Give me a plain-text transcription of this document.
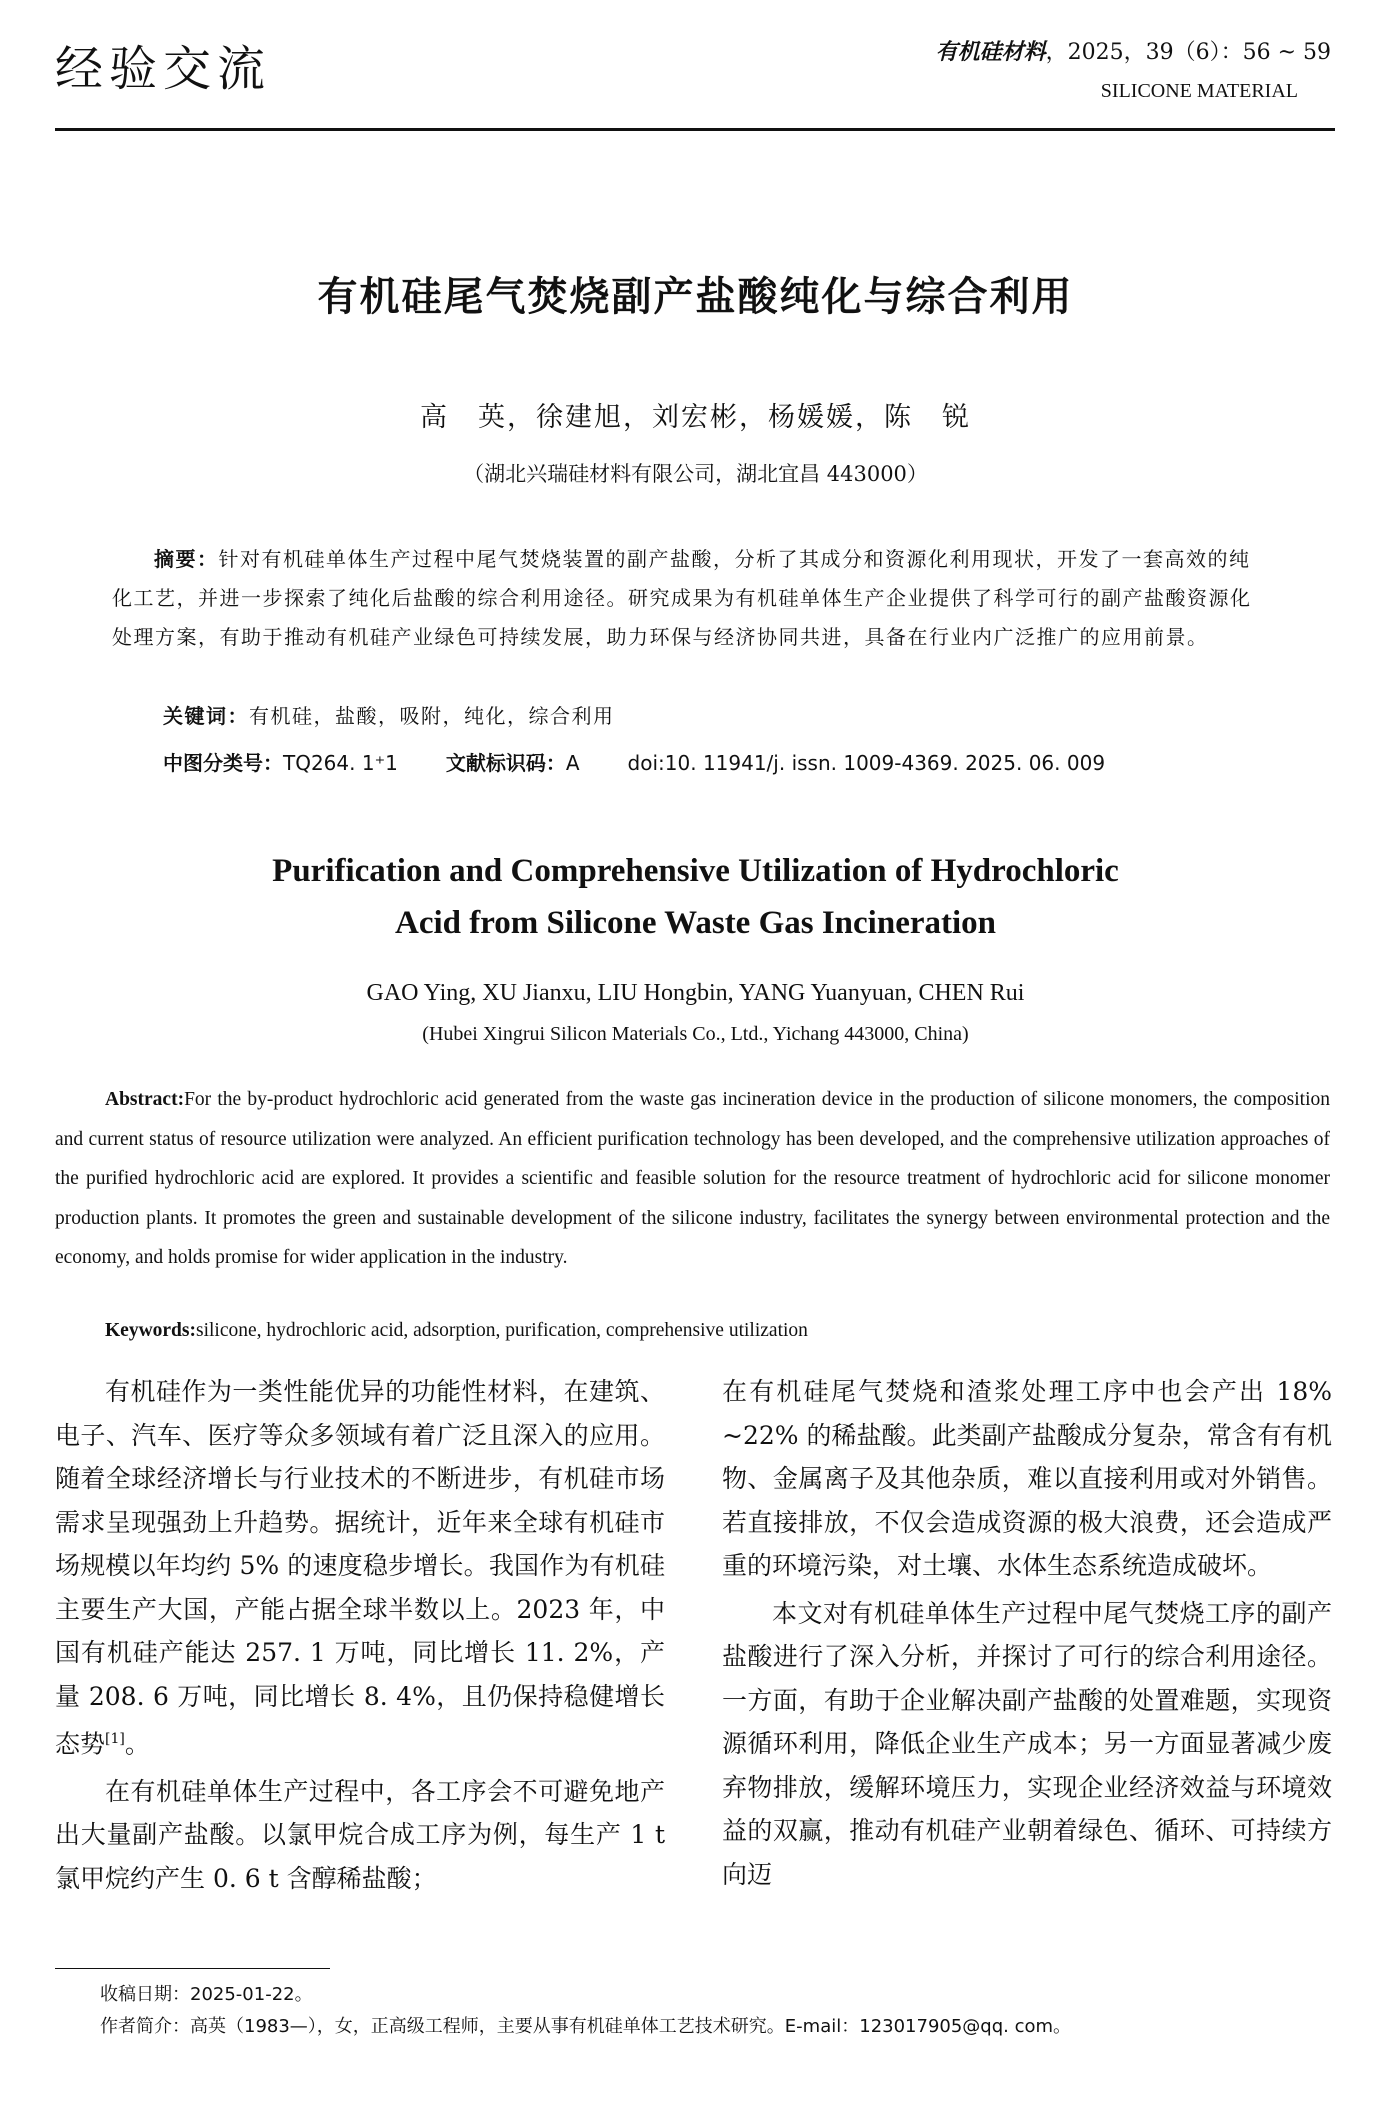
经验交流	有机硅材料，2025，39（6）：56 ~ 59
SILICONE MATERIAL
有机硅尾气焚烧副产盐酸纯化与综合利用
高　英，徐建旭，刘宏彬，杨媛媛，陈　锐
（湖北兴瑞硅材料有限公司，湖北宜昌 443000）
摘要：针对有机硅单体生产过程中尾气焚烧装置的副产盐酸，分析了其成分和资源化利用现状，开发了一套高效的纯化工艺，并进一步探索了纯化后盐酸的综合利用途径。研究成果为有机硅单体生产企业提供了科学可行的副产盐酸资源化处理方案，有助于推动有机硅产业绿色可持续发展，助力环保与经济协同共进，具备在行业内广泛推广的应用前景。
关键词：有机硅，盐酸，吸附，纯化，综合利用
中图分类号：TQ264. 1⁺1 文献标识码：A doi:10. 11941/j. issn. 1009-4369. 2025. 06. 009
Purification and Comprehensive Utilization of Hydrochloric
Acid from Silicone Waste Gas Incineration
GAO Ying, XU Jianxu, LIU Hongbin, YANG Yuanyuan, CHEN Rui
(Hubei Xingrui Silicon Materials Co., Ltd., Yichang 443000, China)
Abstract:For the by-product hydrochloric acid generated from the waste gas incineration device in the production of silicone monomers, the composition and current status of resource utilization were analyzed. An efficient purification technology has been developed, and the comprehensive utilization approaches of the purified hydrochloric acid are explored. It provides a scientific and feasible solution for the resource treatment of hydrochloric acid for silicone monomer production plants. It promotes the green and sustainable development of the silicone industry, facilitates the synergy between environmental protection and the economy, and holds promise for wider application in the industry.
Keywords:silicone, hydrochloric acid, adsorption, purification, comprehensive utilization

有机硅作为一类性能优异的功能性材料，在建筑、电子、汽车、医疗等众多领域有着广泛且深入的应用。随着全球经济增长与行业技术的不断进步，有机硅市场需求呈现强劲上升趋势。据统计，近年来全球有机硅市场规模以年均约 5% 的速度稳步增长。我国作为有机硅主要生产大国，产能占据全球半数以上。2023 年，中国有机硅产能达 257. 1 万吨，同比增长 11. 2%，产量 208. 6 万吨，同比增长 8. 4%，且仍保持稳健增长态势[1]。

在有机硅单体生产过程中，各工序会不可避免地产出大量副产盐酸。以氯甲烷合成工序为例，每生产 1 t 氯甲烷约产生 0. 6 t 含醇稀盐酸；

在有机硅尾气焚烧和渣浆处理工序中也会产出 18% ~22% 的稀盐酸。此类副产盐酸成分复杂，常含有有机物、金属离子及其他杂质，难以直接利用或对外销售。若直接排放，不仅会造成资源的极大浪费，还会造成严重的环境污染，对土壤、水体生态系统造成破坏。

本文对有机硅单体生产过程中尾气焚烧工序的副产盐酸进行了深入分析，并探讨了可行的综合利用途径。一方面，有助于企业解决副产盐酸的处置难题，实现资源循环利用，降低企业生产成本；另一方面显著减少废弃物排放，缓解环境压力，实现企业经济效益与环境效益的双赢，推动有机硅产业朝着绿色、循环、可持续方向迈

收稿日期：2025-01-22。
作者简介：高英（1983—），女，正高级工程师，主要从事有机硅单体工艺技术研究。E-mail：123017905@qq. com。
